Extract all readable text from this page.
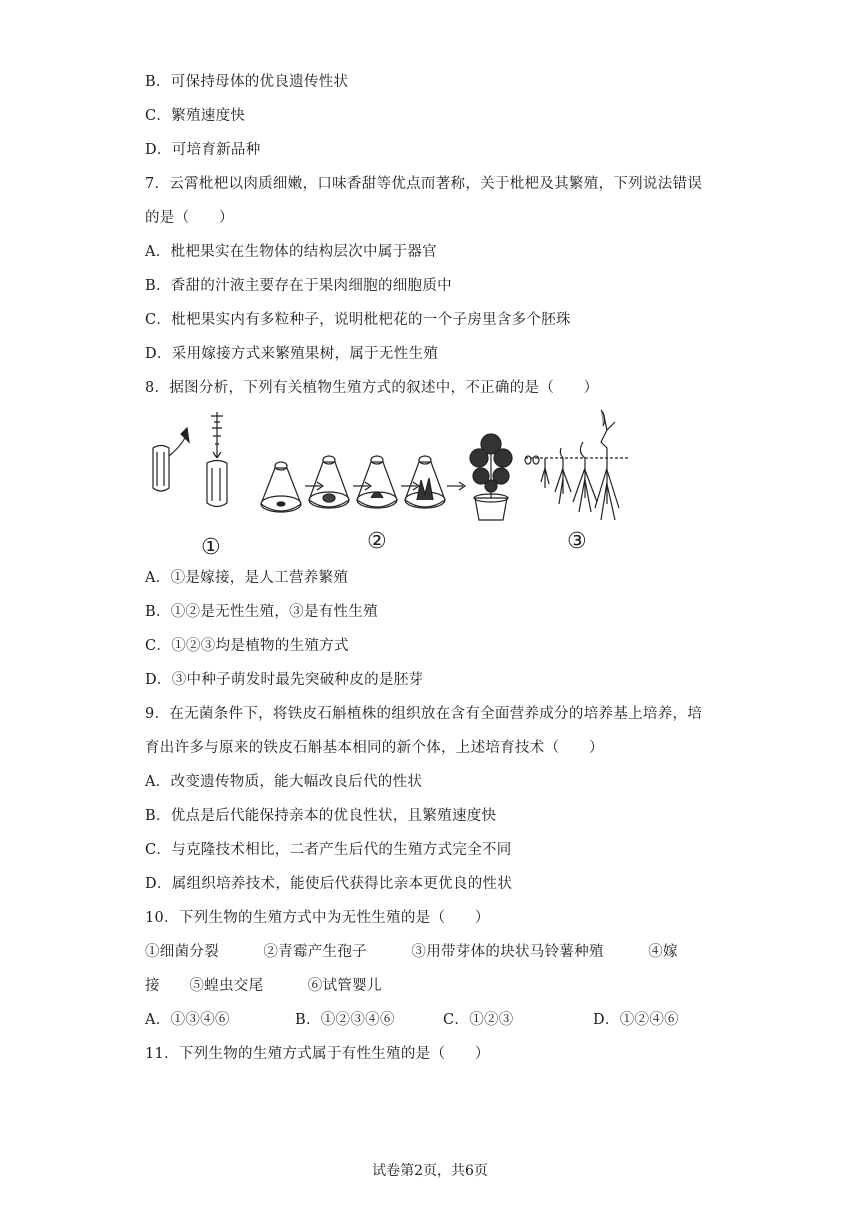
B．可保持母体的优良遗传性状
C．繁殖速度快
D．可培育新品种
7．云霄枇杷以肉质细嫩，口味香甜等优点而著称，关于枇杷及其繁殖，下列说法错误
的是（　　）
A．枇杷果实在生物体的结构层次中属于器官
B．香甜的汁液主要存在于果肉细胞的细胞质中
C．枇杷果实内有多粒种子，说明枇杷花的一个子房里含多个胚珠
D．采用嫁接方式来繁殖果树，属于无性生殖
8．据图分析，下列有关植物生殖方式的叙述中，不正确的是（　　）
①	②	③
A．①是嫁接，是人工营养繁殖
B．①②是无性生殖，③是有性生殖
C．①②③均是植物的生殖方式
D．③中种子萌发时最先突破种皮的是胚芽
9．在无菌条件下，将铁皮石斛植株的组织放在含有全面营养成分的培养基上培养，培
育出许多与原来的铁皮石斛基本相同的新个体，上述培育技术（　　）
A．改变遗传物质，能大幅改良后代的性状
B．优点是后代能保持亲本的优良性状，且繁殖速度快
C．与克隆技术相比，二者产生后代的生殖方式完全不同
D．属组织培养技术，能使后代获得比亲本更优良的性状
10．下列生物的生殖方式中为无性生殖的是（　　）
①细菌分裂　　　②青霉产生孢子　　　③用带芽体的块状马铃薯种殖　　　④嫁
接　　⑤蝗虫交尾　　　⑥试管婴儿
A．①③④⑥	B．①②③④⑥	C．①②③	D．①②④⑥
11．下列生物的生殖方式属于有性生殖的是（　　）
试卷第2页，共6页
